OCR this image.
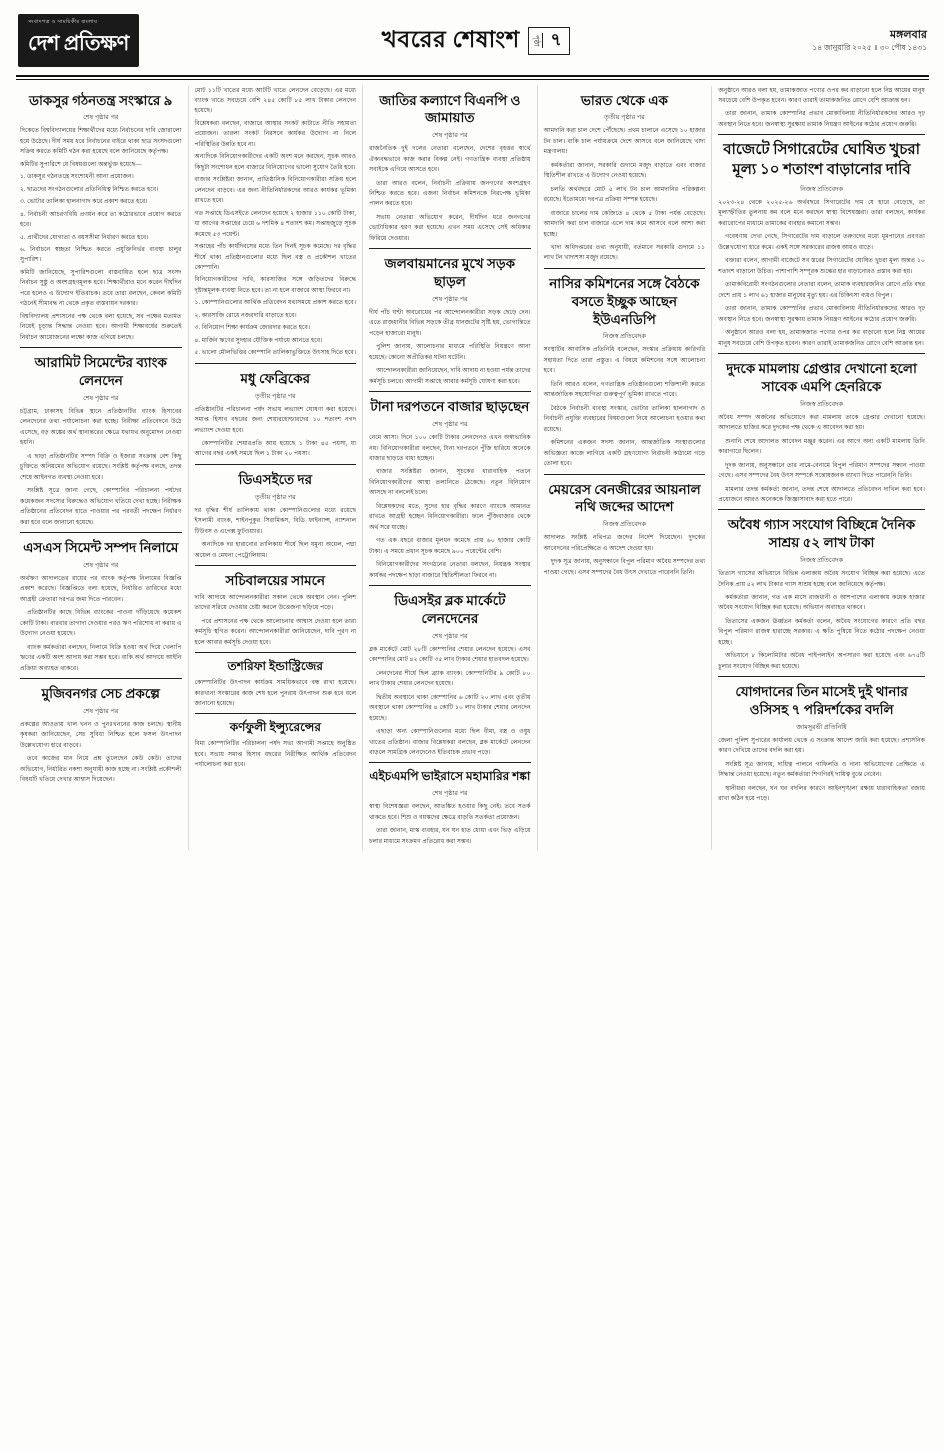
সংবাদপত্র ও সাময়িকীর বাংলায়
দেশ প্রতিক্ষণ	খবরের শেষাংশ	পৃষ্ঠা ৭	মঙ্গলবার
১৪ জানুয়ারি ২০২৫ ॥ ৩০ পৌষ ১৪৩১
ডাকসুর গঠনতন্ত্র সংস্কারে ৯
শেষ পৃষ্ঠার পর

দিকেতে বিশ্ববিদ্যালয়ের শিক্ষার্থীদের মধ্যে নির্বাচনের দাবি জোরালো হয়ে উঠেছে। দীর্ঘ সময় ধরে নির্বাচনের বাইরে থাকা ছাত্র সংসদগুলো সক্রিয় করতে কমিটি গঠন করা হয়েছে বলে জানিয়েছে কর্তৃপক্ষ।

কমিটির সুপারিশে যে বিষয়গুলো অন্তর্ভুক্ত হয়েছে—

১. ডাকসুর গঠনতন্ত্রে সংশোধনী আনা প্রয়োজন।

২. ছাত্রদের সংগঠনগুলোর প্রতিনিধিত্ব নিশ্চিত করতে হবে।

৩. ভোটার তালিকা হালনাগাদ করে প্রকাশ করতে হবে।

৪. নির্বাচনী আচরণবিধি প্রণয়ন করে তা কঠোরভাবে প্রয়োগ করতে হবে।

৫. প্রার্থীদের যোগ্যতা ও বয়সসীমা নির্ধারণ করতে হবে।

৬. নির্বাচনে স্বচ্ছতা নিশ্চিত করতে প্রযুক্তিনির্ভর ব্যবস্থা চালুর সুপারিশ।

কমিটি জানিয়েছে, সুপারিশগুলো বাস্তবায়িত হলে ছাত্র সংসদ নির্বাচন সুষ্ঠু ও অংশগ্রহণমূলক হবে। শিক্ষার্থীরাও মনে করেন দীর্ঘদিন পরে হলেও এ উদ্যোগ ইতিবাচক। তবে তারা বলছেন, কেবল কমিটি গঠনেই সীমাবদ্ধ না থেকে প্রকৃত বাস্তবায়ন দরকার।

বিশ্ববিদ্যালয় প্রশাসনের পক্ষ থেকে বলা হয়েছে, সব পক্ষের মতামত নিয়েই চূড়ান্ত সিদ্ধান্ত নেওয়া হবে। আগামী শিক্ষাবর্ষের শুরুতেই নির্বাচন আয়োজনের লক্ষ্যে কাজ এগিয়ে চলছে।

আরামিট সিমেন্টের ব্যাংক লেনদেন
শেষ পৃষ্ঠার পর

চট্টগ্রাম, ঢাকাসহ বিভিন্ন স্থানে প্রতিষ্ঠানটির ব্যাংক হিসাবের লেনদেনের তথ্য পর্যালোচনা করা হচ্ছে। নিরীক্ষা প্রতিবেদনে উঠে এসেছে, বড় অঙ্কের অর্থ স্থানান্তরের ক্ষেত্রে যথাযথ অনুমোদন নেওয়া হয়নি।

এ ছাড়া প্রতিষ্ঠানটির সম্পদ বিক্রি ও ইজারা সংক্রান্ত বেশ কিছু চুক্তিতে অনিয়মের অভিযোগ রয়েছে। সংশ্লিষ্ট কর্তৃপক্ষ বলছে, তদন্ত শেষে আইনগত ব্যবস্থা নেওয়া হবে।

সংশ্লিষ্ট সূত্রে জানা গেছে, কোম্পানির পরিচালনা পর্ষদের কয়েকজন সদস্যের বিরুদ্ধেও অভিযোগ খতিয়ে দেখা হচ্ছে। নিরীক্ষক প্রতিষ্ঠানের প্রতিবেদন হাতে পাওয়ার পর পরবর্তী পদক্ষেপ নির্ধারণ করা হবে বলে জানানো হয়েছে।

এসএস সিমেন্ট সম্পদ নিলামে
শেষ পৃষ্ঠার পর

অর্থঋণ আদালতের রায়ের পর ব্যাংক কর্তৃপক্ষ নিলামের বিজ্ঞপ্তি প্রকাশ করেছে। বিজ্ঞপ্তিতে বলা হয়েছে, নির্ধারিত তারিখের মধ্যে আগ্রহী ক্রেতারা দরপত্র জমা দিতে পারবেন।

প্রতিষ্ঠানটির কাছে বিভিন্ন ব্যাংকের পাওনা দাঁড়িয়েছে কয়েকশ কোটি টাকা। বারবার তাগাদা দেওয়ার পরও ঋণ পরিশোধ না করায় এ উদ্যোগ নেওয়া হয়েছে।

ব্যাংক কর্মকর্তারা বলছেন, নিলামে বিক্রি হওয়া অর্থ দিয়ে খেলাপি ঋণের একটি অংশ আদায় করা সম্ভব হবে। বাকি অর্থ আদায়ে আইনি প্রক্রিয়া অব্যাহত থাকবে।

মুজিবনগর সেচ প্রকল্পে
শেষ পৃষ্ঠার পর

প্রকল্পের আওতায় খাল খনন ও পুনঃখননের কাজ চলছে। স্থানীয় কৃষকরা জানিয়েছেন, সেচ সুবিধা নিশ্চিত হলে ফসল উৎপাদন উল্লেখযোগ্য হারে বাড়বে।

তবে কাজের মান নিয়ে প্রশ্ন তুলেছেন কেউ কেউ। তাদের অভিযোগ, নির্ধারিত নকশা অনুযায়ী কাজ হচ্ছে না। সংশ্লিষ্ট প্রকৌশলী বিষয়টি খতিয়ে দেখার আশ্বাস দিয়েছেন।

মোট ১১টি খাতের মধ্যে আটটি খাতে লেনদেন বেড়েছে। এর মধ্যে ব্যাংক খাতে সবচেয়ে বেশি ২৪৫ কোটি ৮৫ লাখ টাকার লেনদেন হয়েছে।

বিশ্লেষকরা বলছেন, বাজারে আস্থার সংকট কাটাতে নীতি সহায়তা প্রয়োজন। তারল্য সংকট নিরসনে কার্যকর উদ্যোগ না নিলে পরিস্থিতির উন্নতি হবে না।

অন্যদিকে বিনিয়োগকারীদের একটি অংশ মনে করছেন, সূচক আরও কিছুটা সংশোধন হলে বাজারে বিনিয়োগের ভালো সুযোগ তৈরি হবে।

বাজার সংশ্লিষ্টরা জানান, প্রাতিষ্ঠানিক বিনিয়োগকারীরা সক্রিয় হলে লেনদেন বাড়বে। এর জন্য নীতিনির্ধারকদের আরও কার্যকর ভূমিকা রাখতে হবে।

গত সপ্তাহে ডিএসইতে লেনদেন হয়েছে ২ হাজার ১১০ কোটি টাকা, যা আগের সপ্তাহের চেয়ে ৬ দশমিক ৪ শতাংশ কম। সপ্তাহজুড়ে সূচক কমেছে ৫৩ পয়েন্ট।

সপ্তাহের পাঁচ কার্যদিবসের মধ্যে তিন দিনই সূচক কমেছে। দর বৃদ্ধির শীর্ষে থাকা প্রতিষ্ঠানগুলোর মধ্যে ছিল বস্ত্র ও প্রকৌশল খাতের কোম্পানি।

বিনিয়োগকারীদের দাবি, কারসাজির সঙ্গে জড়িতদের বিরুদ্ধে দৃষ্টান্তমূলক ব্যবস্থা নিতে হবে। তা না হলে বাজারে আস্থা ফিরবে না।

১. কোম্পানিগুলোর আর্থিক প্রতিবেদন যথাসময়ে প্রকাশ করতে হবে।

২. কারসাজি রোধে নজরদারি বাড়াতে হবে।

৩. বিনিয়োগ শিক্ষা কার্যক্রম জোরদার করতে হবে।

৪. মার্জিন ঋণের সুদহার যৌক্তিক পর্যায়ে আনতে হবে।

৫. ভালো মৌলভিত্তির কোম্পানি তালিকাভুক্তিতে উৎসাহ দিতে হবে।

মধু ফেব্রিকের
তৃতীয় পৃষ্ঠার পর

প্রতিষ্ঠানটির পরিচালনা পর্ষদ সভায় লভ্যাংশ ঘোষণা করা হয়েছে। সমাপ্ত হিসাব বছরের জন্য শেয়ারহোল্ডারদের ১০ শতাংশ নগদ লভ্যাংশ দেওয়া হবে।

কোম্পানিটির শেয়ারপ্রতি আয় হয়েছে ১ টাকা ৪৫ পয়সা, যা আগের বছর একই সময়ে ছিল ১ টাকা ২০ পয়সা।

ডিএসইতে দর
তৃতীয় পৃষ্ঠার পর

দর বৃদ্ধির শীর্ষ তালিকায় থাকা কোম্পানিগুলোর মধ্যে রয়েছে ইসলামী ব্যাংক, শাইনপুকুর সিরামিকস, বিডি ফাইন্যান্স, ন্যাশনাল টিউবস ও এপেক্স ফুটওয়্যার।

অন্যদিকে দর হারানোর তালিকায় শীর্ষে ছিল যমুনা অয়েল, পদ্মা অয়েল ও মেঘনা পেট্রোলিয়াম।

সচিবালয়ের সামনে

দাবি আদায়ে আন্দোলনকারীরা সকাল থেকে অবস্থান নেন। পুলিশ তাদের সরিয়ে দেওয়ার চেষ্টা করলে উত্তেজনা ছড়িয়ে পড়ে।

পরে প্রশাসনের পক্ষ থেকে আলোচনার আশ্বাস দেওয়া হলে তারা কর্মসূচি স্থগিত করেন। আন্দোলনকারীরা জানিয়েছেন, দাবি পূরণ না হলে আবার কর্মসূচি দেওয়া হবে।

তশরিফা ইন্ডাস্ট্রিজের

কোম্পানিটির উৎপাদন কার্যক্রম সাময়িকভাবে বন্ধ রাখা হয়েছে। কারখানা সংস্কারের কাজ শেষ হলে পুনরায় উৎপাদন শুরু হবে বলে জানানো হয়েছে।

কর্ণফুলী ইন্স্যুরেন্সের

বিমা কোম্পানিটির পরিচালনা পর্ষদ সভা আগামী সপ্তাহে অনুষ্ঠিত হবে। সভায় সমাপ্ত হিসাব বছরের নিরীক্ষিত আর্থিক প্রতিবেদন পর্যালোচনা করা হবে।

জাতির কল্যাণে বিএনপি ও জামায়াত
শেষ পৃষ্ঠার পর

রাজনৈতিক দুই দলের নেতারা বলেছেন, দেশের বৃহত্তর স্বার্থে ঐক্যবদ্ধভাবে কাজ করার বিকল্প নেই। গণতান্ত্রিক ব্যবস্থা প্রতিষ্ঠায় সবাইকে এগিয়ে আসতে হবে।

তারা আরও বলেন, নির্বাচনী প্রক্রিয়ায় জনগণের অংশগ্রহণ নিশ্চিত করতে হবে। এজন্য নির্বাচন কমিশনকে নিরপেক্ষ ভূমিকা পালন করতে হবে।

সভায় নেতারা অভিযোগ করেন, দীর্ঘদিন ধরে জনগণের ভোটাধিকার হরণ করা হয়েছে। এখন সময় এসেছে সেই অধিকার ফিরিয়ে দেওয়ার।

জলবায়মানের মুখে সড়ক ছাড়ল
শেষ পৃষ্ঠার পর

দীর্ঘ পাঁচ ঘণ্টা অবরোধের পর আন্দোলনকারীরা সড়ক ছেড়ে দেন। এতে রাজধানীর বিভিন্ন সড়কে তীব্র যানজটের সৃষ্টি হয়, ভোগান্তিতে পড়েন হাজারো মানুষ।

পুলিশ জানায়, আলোচনার মাধ্যমে পরিস্থিতি নিয়ন্ত্রণে আনা হয়েছে। কোনো অপ্রীতিকর ঘটনা ঘটেনি।

আন্দোলনকারীরা জানিয়েছেন, দাবি আদায় না হওয়া পর্যন্ত তাদের কর্মসূচি চলবে। আগামী সপ্তাহে আবার কর্মসূচি ঘোষণা করা হবে।

টানা দরপতনে বাজার ছাড়ছেন
শেষ পৃষ্ঠার পর

নেমে আসা। দিনে ১০০ কোটি টাকার লেনদেনও এখন অস্বাভাবিক নয়। বিনিয়োগকারীরা বলছেন, টানা দরপতনে পুঁজি হারিয়ে অনেকে বাজার ছাড়তে বাধ্য হচ্ছেন।

বাজার সংশ্লিষ্টরা জানান, সূচকের ধারাবাহিক পতনে বিনিয়োগকারীদের আস্থা তলানিতে ঠেকেছে। নতুন বিনিয়োগ আসছে না বললেই চলে।

বিশ্লেষকদের মতে, সুদের হার বৃদ্ধির কারণে ব্যাংকে আমানত রাখতে আগ্রহী হচ্ছেন বিনিয়োগকারীরা। ফলে পুঁজিবাজার থেকে অর্থ সরে যাচ্ছে।

গত এক বছরে বাজার মূলধন কমেছে প্রায় ৬০ হাজার কোটি টাকা। এ সময়ে প্রধান সূচক কমেছে ৯০০ পয়েন্টের বেশি।

বিনিয়োগকারীদের সংগঠনের নেতারা বলছেন, নিয়ন্ত্রক সংস্থার কার্যকর পদক্ষেপ ছাড়া বাজারে স্থিতিশীলতা ফিরবে না।

ডিএসইর ব্লক মার্কেটে লেনদেনের
শেষ পৃষ্ঠার পর

ব্লক মার্কেটে মোট ২৮টি কোম্পানির শেয়ার লেনদেন হয়েছে। এসব কোম্পানির মোট ৪২ কোটি ৩৫ লাখ টাকার শেয়ার হাতবদল হয়েছে।

লেনদেনের শীর্ষে ছিল ব্র্যাক ব্যাংক। কোম্পানিটির ৯ কোটি ৮০ লাখ টাকার শেয়ার লেনদেন হয়েছে।

দ্বিতীয় অবস্থানে থাকা কোম্পানির ৬ কোটি ২০ লাখ এবং তৃতীয় অবস্থানে থাকা কোম্পানির ৪ কোটি ১০ লাখ টাকার শেয়ার লেনদেন হয়েছে।

এছাড়া অন্য কোম্পানিগুলোর মধ্যে ছিল বীমা, বস্ত্র ও ওষুধ খাতের প্রতিষ্ঠান। বাজার বিশ্লেষকরা বলছেন, ব্লক মার্কেটে লেনদেন বাড়লে সামগ্রিক লেনদেনেও ইতিবাচক প্রভাব পড়ে।

এইচএমপি ভাইরাসে মহামারির শঙ্কা
শেষ পৃষ্ঠার পর

স্বাস্থ্য বিশেষজ্ঞরা বলছেন, আতঙ্কিত হওয়ার কিছু নেই। তবে সতর্ক থাকতে হবে। শিশু ও বয়স্কদের ক্ষেত্রে বাড়তি সতর্কতা প্রয়োজন।

তারা জানান, মাস্ক ব্যবহার, ঘন ঘন হাত ধোয়া এবং ভিড় এড়িয়ে চলার মাধ্যমে সংক্রমণ প্রতিরোধ করা সম্ভব।

ভারত থেকে এক
তৃতীয় পৃষ্ঠার পর

আমদানি করা চাল দেশে পৌঁছেছে। প্রথম চালানে এসেছে ১০ হাজার টন চাল। বাকি চাল পর্যায়ক্রমে দেশে আসবে বলে জানিয়েছে খাদ্য মন্ত্রণালয়।

কর্মকর্তারা জানান, সরকারি গুদামে মজুদ বাড়াতে এবং বাজার স্থিতিশীল রাখতে এ উদ্যোগ নেওয়া হয়েছে।

চলতি অর্থবছরে মোট ৫ লাখ টন চাল আমদানির পরিকল্পনা রয়েছে। ইতোমধ্যে দরপত্র প্রক্রিয়া সম্পন্ন হয়েছে।

বাজারে চালের দাম কেজিতে ৪ থেকে ৫ টাকা পর্যন্ত বেড়েছে। আমদানি করা চাল বাজারে এলে দাম কমে আসবে বলে আশা করা হচ্ছে।

খাদ্য অধিদপ্তরের তথ্য অনুযায়ী, বর্তমানে সরকারি গুদামে ১১ লাখ টন খাদ্যশস্য মজুদ রয়েছে।

নাসির কমিশনের সঙ্গে বৈঠকে বসতে ইচ্ছুক আছেন ইউএনডিপি
নিজস্ব প্রতিবেদক

সংস্থাটির আবাসিক প্রতিনিধি বলেছেন, সংস্কার প্রক্রিয়ায় কারিগরি সহায়তা দিতে তারা প্রস্তুত। এ বিষয়ে কমিশনের সঙ্গে আলোচনা হবে।

তিনি আরও বলেন, গণতান্ত্রিক প্রতিষ্ঠানগুলো শক্তিশালী করতে আন্তর্জাতিক সহযোগিতা গুরুত্বপূর্ণ ভূমিকা রাখতে পারে।

বৈঠকে নির্বাচনী ব্যবস্থা সংস্কার, ভোটার তালিকা হালনাগাদ ও নির্বাচনী প্রযুক্তি ব্যবহারের বিষয়গুলো নিয়ে আলোচনা হওয়ার কথা রয়েছে।

কমিশনের একজন সদস্য জানান, আন্তর্জাতিক সংস্থাগুলোর অভিজ্ঞতা কাজে লাগিয়ে একটি গ্রহণযোগ্য নির্বাচনী কাঠামো গড়ে তোলা হবে।

মেয়রেস বেনজীরের আয়নাল নথি জব্দের আদেশ
নিজস্ব প্রতিবেদক

আদালত সংশ্লিষ্ট নথিপত্র জব্দের নির্দেশ দিয়েছেন। দুদকের আবেদনের পরিপ্রেক্ষিতে এ আদেশ দেওয়া হয়।

দুদক সূত্র জানায়, অনুসন্ধানে বিপুল পরিমাণ অবৈধ সম্পদের তথ্য পাওয়া গেছে। এসব সম্পদের বৈধ উৎস দেখাতে পারেননি তিনি।

অনুষ্ঠানে আরও বলা হয়, তামাকজাত পণ্যের ওপর কর বাড়ানো হলে নিম্ন আয়ের মানুষ সবচেয়ে বেশি উপকৃত হবেন। কারণ তারাই তামাকজনিত রোগে বেশি আক্রান্ত হন।

তারা জানান, তামাক কোম্পানির প্রভাব মোকাবিলায় নীতিনির্ধারকদের আরও দৃঢ় অবস্থান নিতে হবে। জনস্বাস্থ্য সুরক্ষায় তামাক নিয়ন্ত্রণ আইনের কঠোর প্রয়োগ জরুরি।

বাজেটে সিগারেটের ঘোষিত খুচরা মূল্য ১০ শতাংশ বাড়ানোর দাবি
নিজস্ব প্রতিবেদক

২০২৩-২৪ থেকে ২০২৫-২৬ অর্থবছরে সিগারেটের দাম যে হারে বেড়েছে, তা মূল্যস্ফীতির তুলনায় কম বলে মনে করছেন স্বাস্থ্য বিশেষজ্ঞরা। তারা বলছেন, কার্যকর করারোপের মাধ্যমে তামাকের ব্যবহার কমানো সম্ভব।

গবেষণায় দেখা গেছে, সিগারেটের দাম বাড়ালে তরুণদের মধ্যে ধূমপানের প্রবণতা উল্লেখযোগ্য হারে কমে। একই সঙ্গে সরকারের রাজস্ব আয়ও বাড়ে।

বক্তারা বলেন, আগামী বাজেটে সব স্তরের সিগারেটের ঘোষিত খুচরা মূল্য অন্তত ১০ শতাংশ বাড়ানো উচিত। পাশাপাশি সম্পূরক শুল্কের হার বাড়ানোরও প্রস্তাব করা হয়।

তামাকবিরোধী সংগঠনগুলোর নেতারা বলেন, তামাক ব্যবহারজনিত রোগে প্রতি বছর দেশে প্রায় ১ লাখ ৬১ হাজার মানুষের মৃত্যু হয়। এর চিকিৎসা ব্যয়ও বিপুল।

তারা জানান, তামাক কোম্পানির প্রভাব মোকাবিলায় নীতিনির্ধারকদের আরও দৃঢ় অবস্থান নিতে হবে। জনস্বাস্থ্য সুরক্ষায় তামাক নিয়ন্ত্রণ আইনের কঠোর প্রয়োগ জরুরি।

অনুষ্ঠানে আরও বলা হয়, তামাকজাত পণ্যের ওপর কর বাড়ানো হলে নিম্ন আয়ের মানুষ সবচেয়ে বেশি উপকৃত হবেন। কারণ তারাই তামাকজনিত রোগে বেশি আক্রান্ত হন।

দুদকে মামলায় গ্রেপ্তার দেখানো হলো সাবেক এমপি হেনরিকে
নিজস্ব প্রতিবেদক

অবৈধ সম্পদ অর্জনের অভিযোগে করা মামলায় তাকে গ্রেপ্তার দেখানো হয়েছে। আদালতে হাজির করে দুদকের পক্ষ থেকে এ আবেদন করা হয়।

শুনানি শেষে আদালত আবেদন মঞ্জুর করেন। এর আগে অন্য একটি মামলায় তিনি কারাগারে ছিলেন।

দুদক জানায়, অনুসন্ধানে তার নামে-বেনামে বিপুল পরিমাণ সম্পদের সন্ধান পাওয়া গেছে। এসব সম্পদের বৈধ উৎস সম্পর্কে সন্তোষজনক ব্যাখ্যা দিতে পারেননি তিনি।

মামলার তদন্ত কর্মকর্তা জানান, তদন্ত শেষে আদালতে প্রতিবেদন দাখিল করা হবে। প্রয়োজনে আরও অনেককে জিজ্ঞাসাবাদ করা হতে পারে।

অবৈধ গ্যাস সংযোগ বিচ্ছিন্নে দৈনিক সাশ্রয় ৫২ লাখ টাকা
নিজস্ব প্রতিবেদক

তিতাস গ্যাসের অভিযানে বিভিন্ন এলাকায় অবৈধ সংযোগ বিচ্ছিন্ন করা হয়েছে। এতে দৈনিক প্রায় ৫২ লাখ টাকার গ্যাস সাশ্রয় হচ্ছে বলে জানিয়েছে কর্তৃপক্ষ।

কর্মকর্তারা জানান, গত এক মাসে রাজধানী ও আশপাশের এলাকায় কয়েক হাজার অবৈধ সংযোগ বিচ্ছিন্ন করা হয়েছে। অভিযান অব্যাহত থাকবে।

তিতাসের একজন ঊর্ধ্বতন কর্মকর্তা বলেন, অবৈধ সংযোগের কারণে প্রতি বছর বিপুল পরিমাণ রাজস্ব হারাচ্ছে সরকার। এ ক্ষতি পুষিয়ে নিতে কঠোর পদক্ষেপ নেওয়া হচ্ছে।

অভিযানে ৮ কিলোমিটার অবৈধ পাইপলাইন অপসারণ করা হয়েছে এবং ৬৭৫টি চুলার সংযোগ বিচ্ছিন্ন করা হয়েছে।

যোগদানের তিন মাসেই দুই থানার ওসিসহ ৭ পরিদর্শকের বদলি
জামসুরভী প্রতিনিধি

জেলা পুলিশ সুপারের কার্যালয় থেকে এ সংক্রান্ত আদেশ জারি করা হয়েছে। প্রশাসনিক কারণ দেখিয়ে তাদের বদলি করা হয়।

সংশ্লিষ্ট সূত্র জানায়, দায়িত্ব পালনে গাফিলতি ও নানা অভিযোগের প্রেক্ষিতে এ সিদ্ধান্ত নেওয়া হয়েছে। নতুন কর্মকর্তারা শিগগিরই দায়িত্ব বুঝে নেবেন।

স্থানীয়রা বলছেন, ঘন ঘন বদলির কারণে আইনশৃঙ্খলা রক্ষায় ধারাবাহিকতা বজায় রাখা কঠিন হয়ে পড়ে।
